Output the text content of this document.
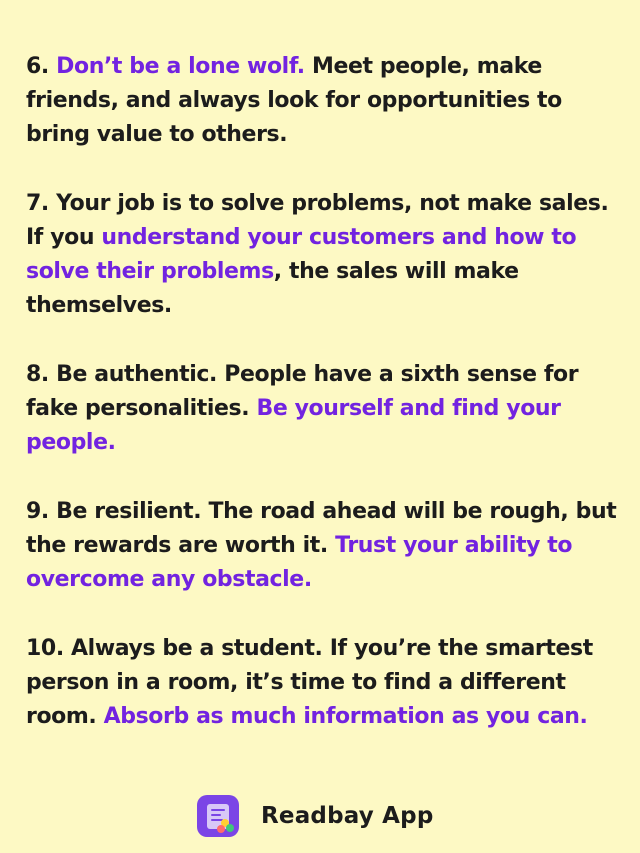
6. Don’t be a lone wolf. Meet people, make friends, and always look for opportunities to bring value to others.

7. Your job is to solve problems, not make sales. If you understand your customers and how to solve their problems, the sales will make themselves.

8. Be authentic. People have a sixth sense for fake personalities. Be yourself and find your people.

9. Be resilient. The road ahead will be rough, but the rewards are worth it. Trust your ability to overcome any obstacle.

10. Always be a student. If you’re the smartest person in a room, it’s time to find a different room. Absorb as much information as you can.

Readbay App
